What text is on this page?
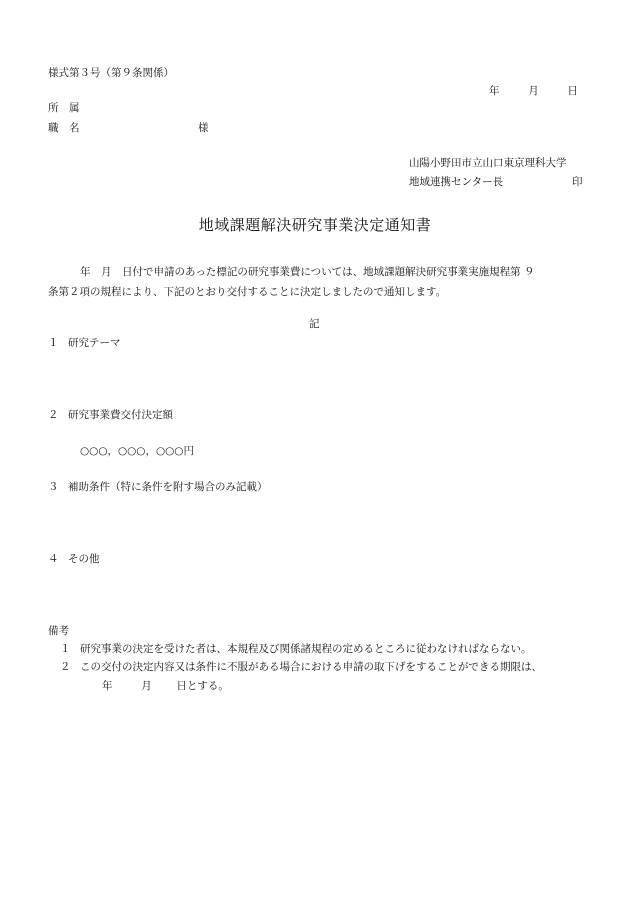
様式第３号（第９条関係）
年	月	日
所　属
職　名	様
山陽小野田市立山口東京理科大学
地域連携センター長	印
地域課題解決研究事業決定通知書

年　月　日付で申請のあった標記の研究事業費については、地域課題解決研究事業実施規程第 ９

条第２項の規程により、下記のとおり交付することに決定しましたので通知します。

記
１ 研究テーマ
２ 研究事業費交付決定額
○○○，○○○，○○○円
３ 補助条件（特に条件を附す場合のみ記載）
４ その他
備考
１ 研究事業の決定を受けた者は、本規程及び関係諸規程の定めるところに従わなければならない。
２ この交付の決定内容又は条件に不服がある場合における申請の取下げをすることができる期限は、
年	月 日とする。
